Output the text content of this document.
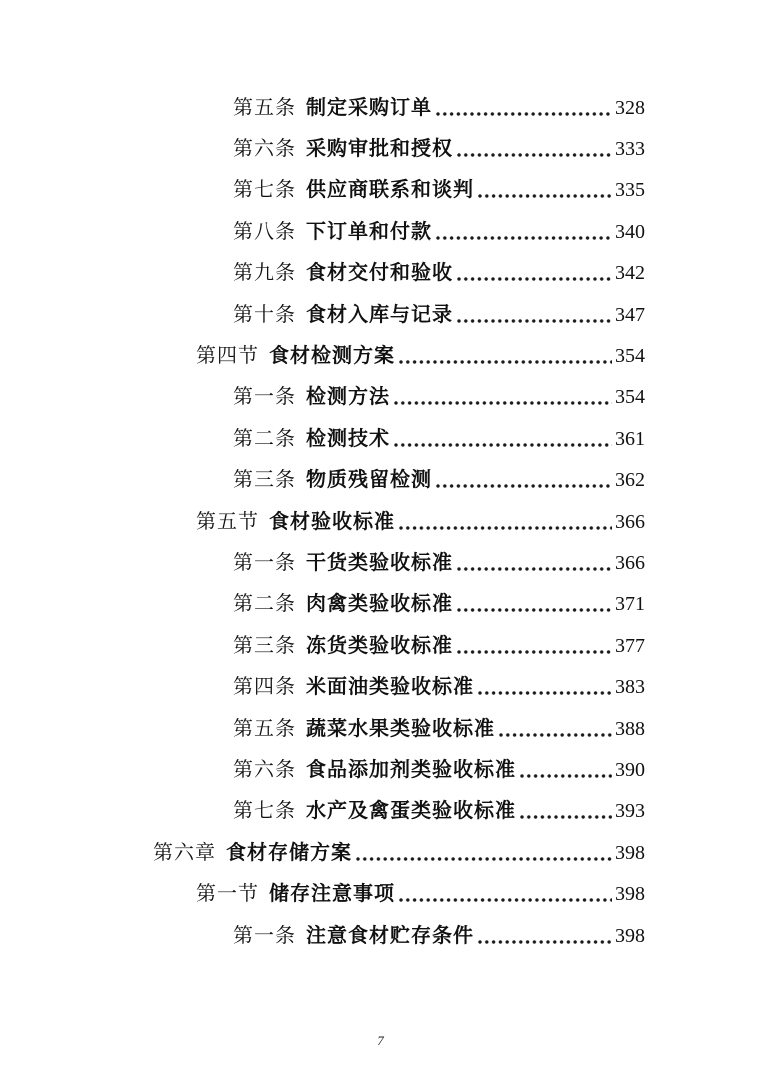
第五条 制定采购订单	328
第六条 采购审批和授权	333
第七条 供应商联系和谈判	335
第八条 下订单和付款	340
第九条 食材交付和验收	342
第十条 食材入库与记录	347
第四节 食材检测方案	354
第一条 检测方法	354
第二条 检测技术	361
第三条 物质残留检测	362
第五节 食材验收标准	366
第一条 干货类验收标准	366
第二条 肉禽类验收标准	371
第三条 冻货类验收标准	377
第四条 米面油类验收标准	383
第五条 蔬菜水果类验收标准	388
第六条 食品添加剂类验收标准	390
第七条 水产及禽蛋类验收标准	393
第六章 食材存储方案	398
第一节 储存注意事项	398
第一条 注意食材贮存条件	398
7
